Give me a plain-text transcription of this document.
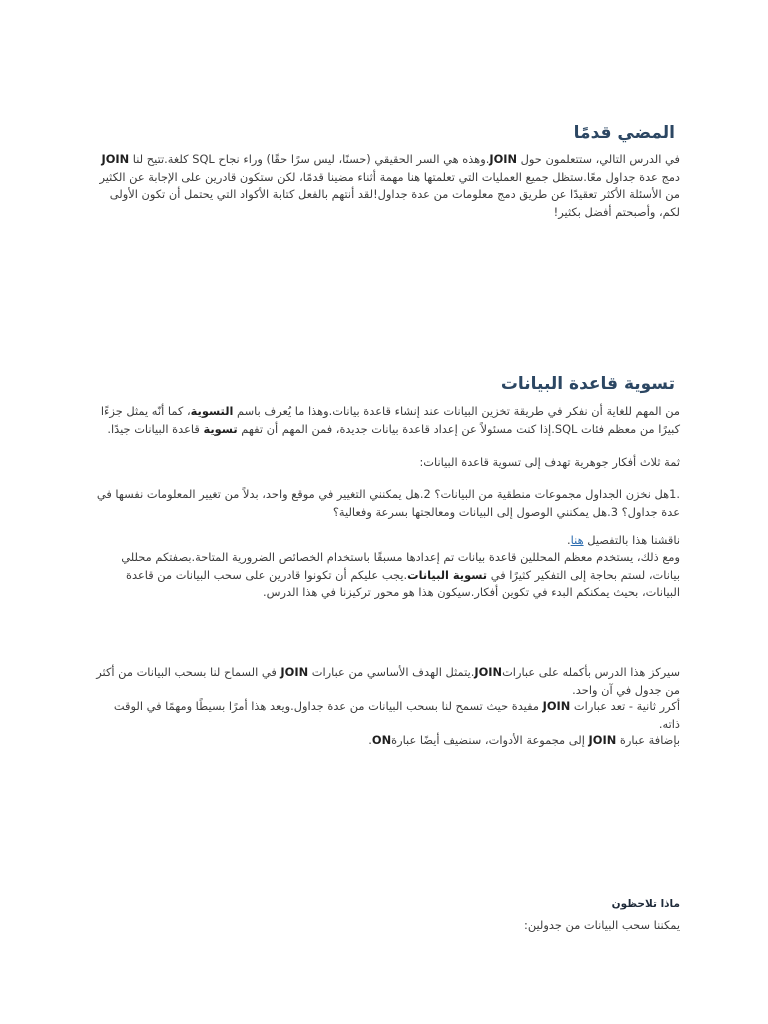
المضي قدمًا

في الدرس التالي، ستتعلمون حول JOIN.وهذه هي السر الحقيقي (حسنًا، ليس سرًا حقًا) وراء نجاح SQL كلغة.تتيح لنا JOIN دمج عدة جداول معًا.ستظل جميع العمليات التي تعلمتها هنا مهمة أثناء مضينا قدمًا، لكن ستكون قادرين على الإجابة عن الكثير من الأسئلة الأكثر تعقيدًا عن طريق دمج معلومات من عدة جداول!لقد أنتهم بالفعل كتابة الأكواد التي يحتمل أن تكون الأولى لكم، وأصبحتم أفضل بكثير!

تسوية قاعدة البيانات

من المهم للغاية أن نفكر في طريقة تخزين البيانات عند إنشاء قاعدة بيانات.وهذا ما يُعرف باسم التسوية، كما أنّه يمثل جزءًا كبيرًا من معظم فئات SQL.إذا كنت مسئولاً عن إعداد قاعدة بيانات جديدة، فمن المهم أن تفهم تسوية قاعدة البيانات جيدًا.

ثمة ثلاث أفكار جوهرية تهدف إلى تسوية قاعدة البيانات:

.1هل نخزن الجداول مجموعات منطقية من البيانات؟ 2.هل يمكنني التغيير في موقع واحد، بدلاً من تغيير المعلومات نفسها في عدة جداول؟ 3.هل يمكنني الوصول إلى البيانات ومعالجتها بسرعة وفعالية؟

ناقشنا هذا بالتفصيل هنا.

ومع ذلك، يستخدم معظم المحللين قاعدة بيانات تم إعدادها مسبقًا باستخدام الخصائص الضرورية المتاحة.بصفتكم محللي بيانات، لستم بحاجة إلى التفكير كثيرًا في تسوية البيانات.يجب عليكم أن تكونوا قادرين على سحب البيانات من قاعدة البيانات، بحيث يمكنكم البدء في تكوين أفكار.سيكون هذا هو محور تركيزنا في هذا الدرس.

سيركز هذا الدرس بأكمله على عباراتJOIN.يتمثل الهدف الأساسي من عبارات JOIN في السماح لنا بسحب البيانات من أكثر من جدول في آن واحد.

أكرر ثانية - تعد عبارات JOIN مفيدة حيث تسمح لنا بسحب البيانات من عدة جداول.ويعد هذا أمرًا بسيطًا ومهمًا في الوقت ذاته.

بإضافة عبارة JOIN إلى مجموعة الأدوات، سنضيف أيضًا عبارةON.

ماذا تلاحظون

يمكننا سحب البيانات من جدولين:
